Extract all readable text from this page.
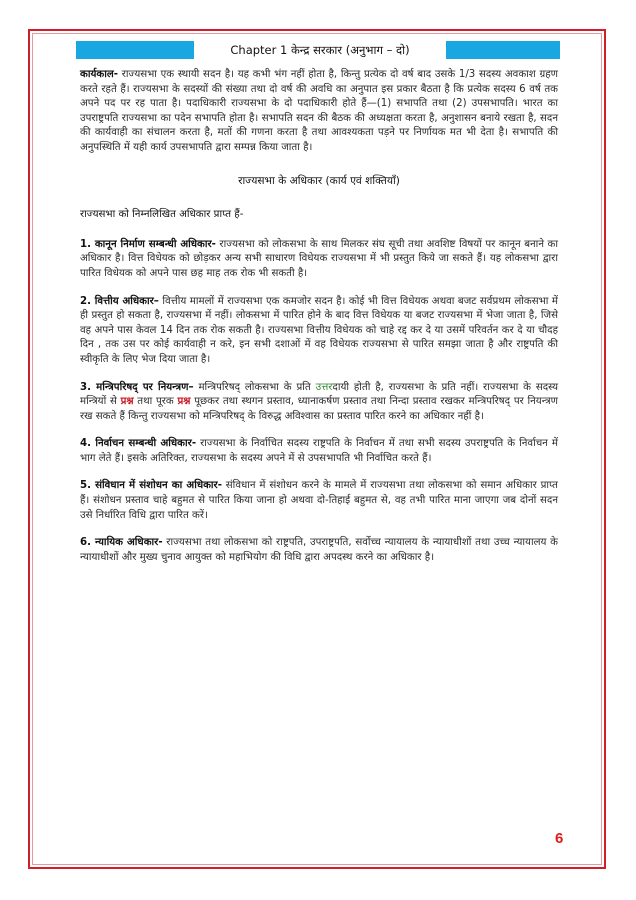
Chapter 1 केन्द्र सरकार (अनुभाग – दो)

कार्यकाल- राज्यसभा एक स्थायी सदन है। यह कभी भंग नहीं होता है, किन्तु प्रत्येक दो वर्ष बाद उसके 1/3 सदस्य अवकाश ग्रहण करते रहते हैं। राज्यसभा के सदस्यों की संख्या तथा दो वर्ष की अवधि का अनुपात इस प्रकार बैठता है कि प्रत्येक सदस्य 6 वर्ष तक अपने पद पर रह पाता है। पदाधिकारी राज्यसभा के दो पदाधिकारी होते हैं—(1) सभापति तथा (2) उपसभापति। भारत का उपराष्ट्रपति राज्यसभा का पदेन सभापति होता है। सभापति सदन की बैठक की अध्यक्षता करता है, अनुशासन बनाये रखता है, सदन की कार्यवाही का संचालन करता है, मतों की गणना करता है तथा आवश्यकता पड़ने पर निर्णायक मत भी देता है। सभापति की अनुपस्थिति में यही कार्य उपसभापति द्वारा सम्पन्न किया जाता है।

राज्यसभा के अधिकार (कार्य एवं शक्तियाँ)

राज्यसभा को निम्नलिखित अधिकार प्राप्त हैं-

1. कानून निर्माण सम्बन्धी अधिकार- राज्यसभा को लोकसभा के साथ मिलकर संघ सूची तथा अवशिष्ट विषयों पर कानून बनाने का अधिकार है। वित्त विधेयक को छोड़कर अन्य सभी साधारण विधेयक राज्यसभा में भी प्रस्तुत किये जा सकते हैं। यह लोकसभा द्वारा पारित विधेयक को अपने पास छह माह तक रोक भी सकती है।

2. वित्तीय अधिकार– वित्तीय मामलों में राज्यसभा एक कमजोर सदन है। कोई भी वित्त विधेयक अथवा बजट सर्वप्रथम लोकसभा में ही प्रस्तुत हो सकता है, राज्यसभा में नहीं। लोकसभा में पारित होने के बाद वित्त विधेयक या बजट राज्यसभा में भेजा जाता है, जिसे वह अपने पास केवल 14 दिन तक रोक सकती है। राज्यसभा वित्तीय विधेयक को चाहे रद्द कर दे या उसमें परिवर्तन कर दे या चौदह दिन , तक उस पर कोई कार्यवाही न करे, इन सभी दशाओं में वह विधेयक राज्यसभा से पारित समझा जाता है और राष्ट्रपति की स्वीकृति के लिए भेज दिया जाता है।

3. मन्त्रिपरिषद् पर नियन्त्रण– मन्त्रिपरिषद् लोकसभा के प्रति उत्तरदायी होती है, राज्यसभा के प्रति नहीं। राज्यसभा के सदस्य मन्त्रियों से प्रश्न तथा पूरक प्रश्न पूछकर तथा स्थगन प्रस्ताव, ध्यानाकर्षण प्रस्ताव तथा निन्दा प्रस्ताव रखकर मन्त्रिपरिषद् पर नियन्त्रण रख सकते हैं किन्तु राज्यसभा को मन्त्रिपरिषद् के विरुद्ध अविश्वास का प्रस्ताव पारित करने का अधिकार नहीं है।

4. निर्वाचन सम्बन्धी अधिकार- राज्यसभा के निर्वाचित सदस्य राष्ट्रपति के निर्वाचन में तथा सभी सदस्य उपराष्ट्रपति के निर्वाचन में भाग लेते हैं। इसके अतिरिक्त, राज्यसभा के सदस्य अपने में से उपसभापति भी निर्वाचित करते हैं।

5. संविधान में संशोधन का अधिकार- संविधान में संशोधन करने के मामले में राज्यसभा तथा लोकसभा को समान अधिकार प्राप्त हैं। संशोधन प्रस्ताव चाहे बहुमत से पारित किया जाना हो अथवा दो-तिहाई बहुमत से, वह तभी पारित माना जाएगा जब दोनों सदन उसे निर्धारित विधि द्वारा पारित करें।

6. न्यायिक अधिकार- राज्यसभा तथा लोकसभा को राष्ट्रपति, उपराष्ट्रपति, सर्वोच्च न्यायालय के न्यायाधीशों तथा उच्च न्यायालय के न्यायाधीशों और मुख्य चुनाव आयुक्त को महाभियोग की विधि द्वारा अपदस्थ करने का अधिकार है।

6
